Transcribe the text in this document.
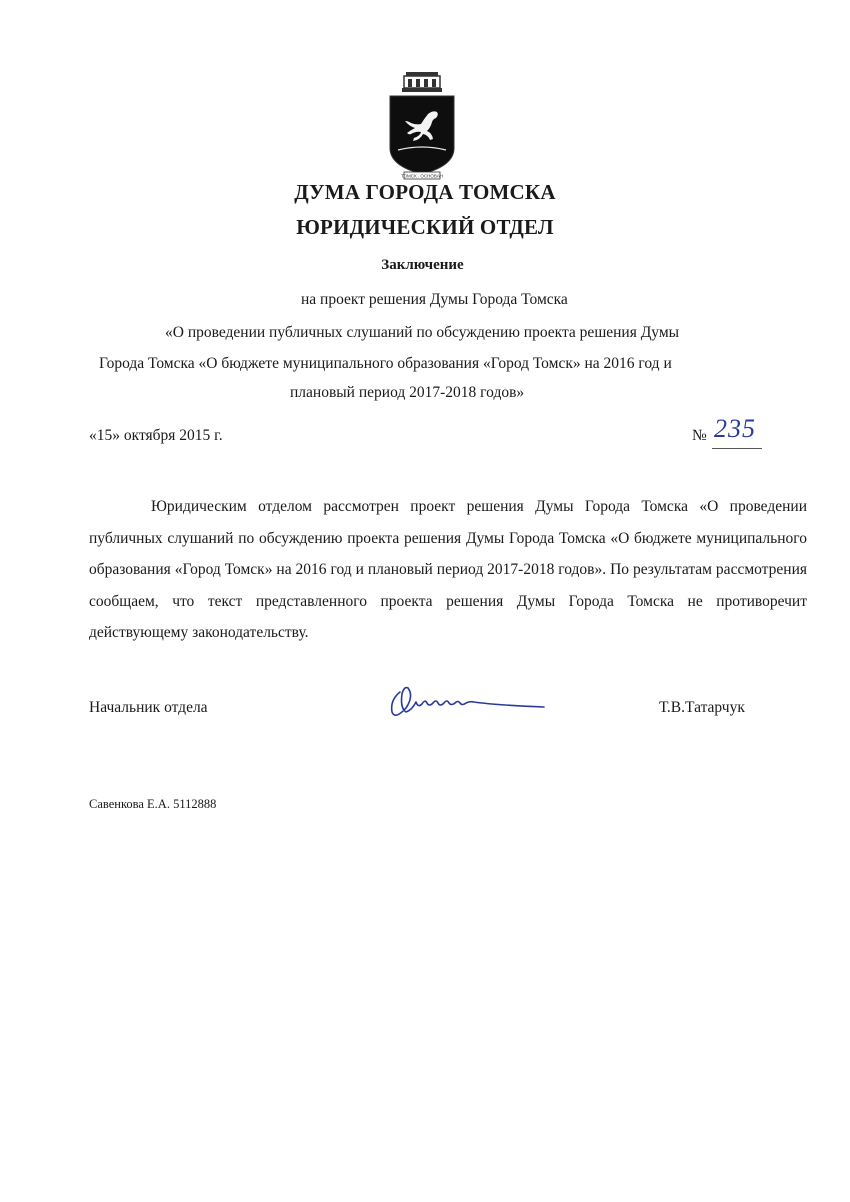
ТОМСК ∙ ОСНОВАН
ДУМА ГОРОДА ТОМСКА
ЮРИДИЧЕСКИЙ ОТДЕЛ
Заключение
на проект решения Думы Города Томска
«О проведении публичных слушаний по обсуждению проекта решения Думы
Города Томска «О бюджете муниципального образования «Город Томск» на 2016 год и
плановый период 2017-2018 годов»
«15» октября 2015 г.	№ 235
Юридическим отделом рассмотрен проект решения Думы Города Томска «О проведении публичных слушаний по обсуждению проекта решения Думы Города Томска «О бюджете муниципального образования «Город Томск» на 2016 год и плановый период 2017-2018 годов». По результатам рассмотрения сообщаем, что текст представленного проекта решения Думы Города Томска не противоречит действующему законодательству.
Начальник отдела	Т.В.Татарчук
Савенкова Е.А. 5112888
